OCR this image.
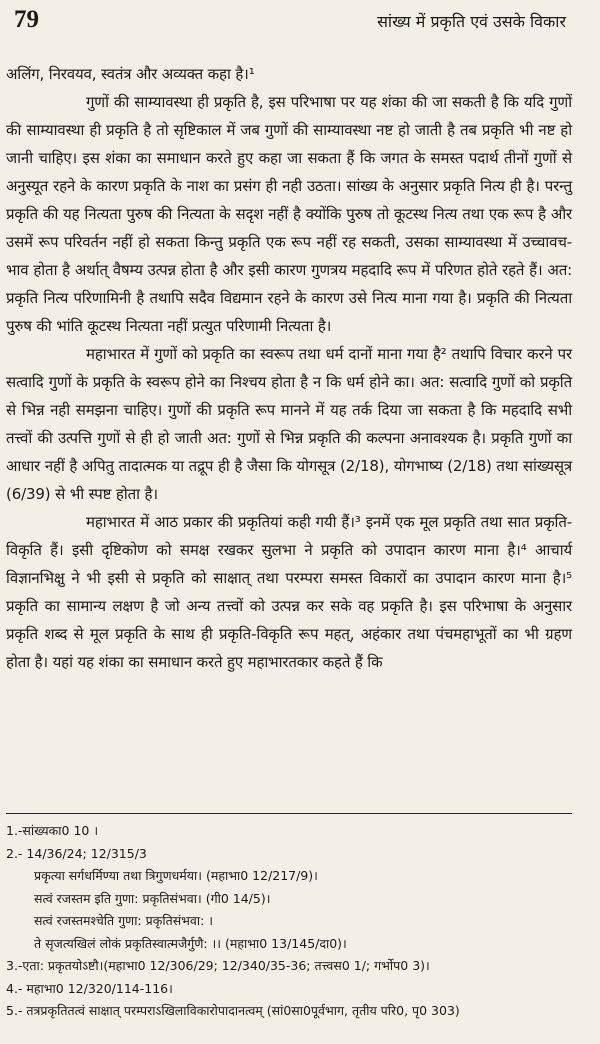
79	सांख्य में प्रकृति एवं उसके विकार

अलिंग, निरवयव, स्वतंत्र और अव्यक्त कहा है।¹

गुणों की साम्यावस्था ही प्रकृति है, इस परिभाषा पर यह शंका की जा सकती है कि यदि गुणों की साम्यावस्था ही प्रकृति है तो सृष्टिकाल में जब गुणों की साम्यावस्था नष्ट हो जाती है तब प्रकृति भी नष्ट हो जानी चाहिए। इस शंका का समाधान करते हुए कहा जा सकता हैं कि जगत के समस्त पदार्थ तीनों गुणों से अनुस्यूत रहने के कारण प्रकृति के नाश का प्रसंग ही नही उठता। सांख्य के अनुसार प्रकृति नित्य ही है। परन्तु प्रकृति की यह नित्यता पुरुष की नित्यता के सदृश नहीं है क्योंकि पुरुष तो कूटस्थ नित्य तथा एक रूप है और उसमें रूप परिवर्तन नहीं हो सकता किन्तु प्रकृति एक रूप नहीं रह सकती, उसका साम्यावस्था में उच्चावच-भाव होता है अर्थात् वैषम्य उत्पन्न होता है और इसी कारण गुणत्रय महदादि रूप में परिणत होते रहते हैं। अत: प्रकृति नित्य परिणामिनी है तथापि सदैव विद्यमान रहने के कारण उसे नित्य माना गया है। प्रकृति की नित्यता पुरुष की भांति कूटस्थ नित्यता नहीं प्रत्युत परिणामी नित्यता है।

महाभारत में गुणों को प्रकृति का स्वरूप तथा धर्म दानों माना गया है² तथापि विचार करने पर सत्वादि गुणों के प्रकृति के स्वरूप होने का निश्चय होता है न कि धर्म होने का। अत: सत्वादि गुणों को प्रकृति से भिन्न नही समझना चाहिए। गुणों की प्रकृति रूप मानने में यह तर्क दिया जा सकता है कि महदादि सभी तत्त्वों की उत्पत्ति गुणों से ही हो जाती अत: गुणों से भिन्न प्रकृति की कल्पना अनावश्यक है। प्रकृति गुणों का आधार नहीं है अपितु तादात्मक या तद्रूप ही है जैसा कि योगसूत्र (2/18), योगभाष्य (2/18) तथा सांख्यसूत्र (6/39) से भी स्पष्ट होता है।

महाभारत में आठ प्रकार की प्रकृतियां कही गयी हैं।³ इनमें एक मूल प्रकृति तथा सात प्रकृति-विकृति हैं। इसी दृष्टिकोण को समक्ष रखकर सुलभा ने प्रकृति को उपादान कारण माना है।⁴ आचार्य विज्ञानभिक्षु ने भी इसी से प्रकृति को साक्षात् तथा परम्परा समस्त विकारों का उपादान कारण माना है।⁵ प्रकृति का सामान्य लक्षण है जो अन्य तत्त्वों को उत्पन्न कर सके वह प्रकृति है। इस परिभाषा के अनुसार प्रकृति शब्द से मूल प्रकृति के साथ ही प्रकृति-विकृति रूप महत्, अहंकार तथा पंचमहाभूतों का भी ग्रहण होता है। यहां यह शंका का समाधान करते हुए महाभारतकार कहते हैं कि

1.-सांख्यका0 10 ।
2.- 14/36/24; 12/315/3
प्रकृत्या सर्गधर्मिण्या तथा त्रिगुणधर्मया। (महाभा0 12/217/9)।
सत्वं रजस्तम इति गुणा: प्रकृतिसंभवा। (गी0 14/5)।
सत्वं रजस्तमश्चेति गुणा: प्रकृतिसंभवा: ।
ते सृजत्यखिलं लोकं प्रकृतिस्वात्मजैर्गुणै: ।। (महाभा0 13/145/दा0)।
3.-एता: प्रकृतयोऽष्टौ।(महाभा0 12/306/29; 12/340/35-36; तत्त्वस0 1/; गर्भोप0 3)।
4.- महाभा0 12/320/114-116।
5.- तत्रप्रकृतितत्वं साक्षात् परम्पराऽखिलाविकारोपादानत्वम् (सां0सा0पूर्वभाग, तृतीय परि0, पृ0 303)
